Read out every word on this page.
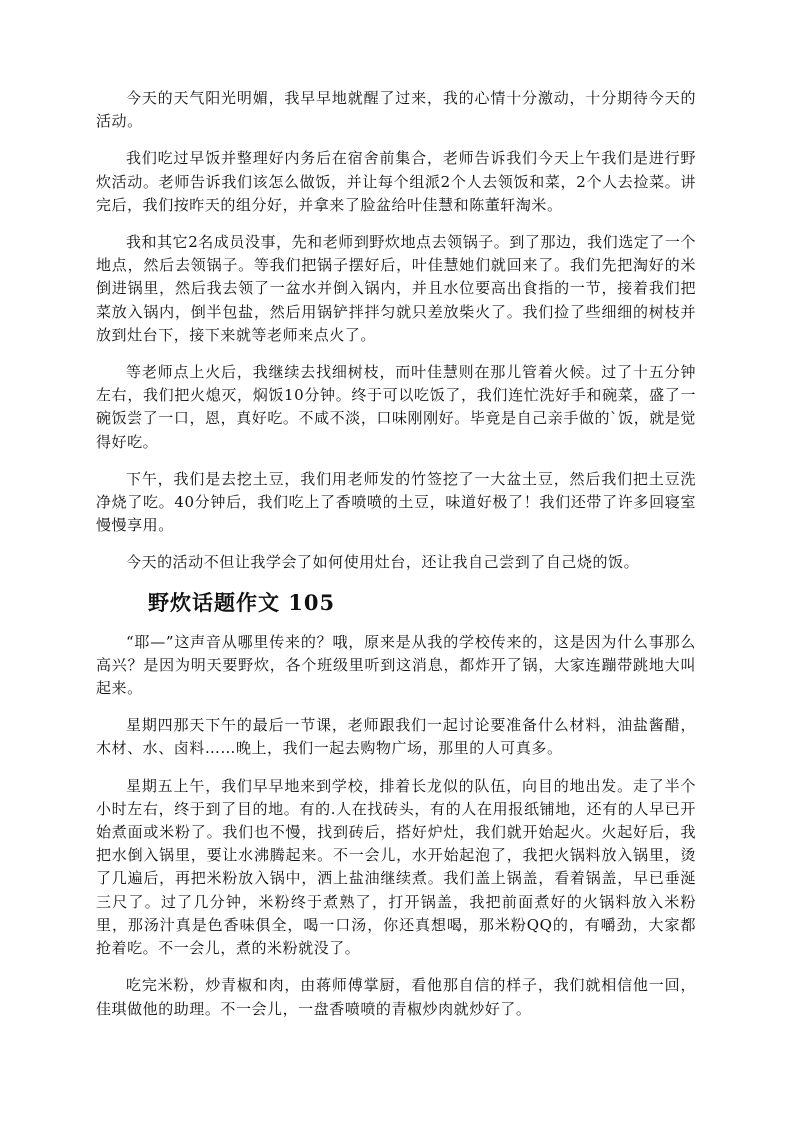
今天的天气阳光明媚，我早早地就醒了过来，我的心情十分激动，十分期待今天的活动。

我们吃过早饭并整理好内务后在宿舍前集合，老师告诉我们今天上午我们是进行野炊活动。老师告诉我们该怎么做饭，并让每个组派2个人去领饭和菜，2个人去捡菜。讲完后，我们按昨天的组分好，并拿来了脸盆给叶佳慧和陈董轩淘米。

我和其它2名成员没事，先和老师到野炊地点去领锅子。到了那边，我们选定了一个地点，然后去领锅子。等我们把锅子摆好后，叶佳慧她们就回来了。我们先把淘好的米倒进锅里，然后我去领了一盆水并倒入锅内，并且水位要高出食指的一节，接着我们把菜放入锅内，倒半包盐，然后用锅铲拌拌匀就只差放柴火了。我们捡了些细细的树枝并放到灶台下，接下来就等老师来点火了。

等老师点上火后，我继续去找细树枝，而叶佳慧则在那儿管着火候。过了十五分钟左右，我们把火熄灭，焖饭10分钟。终于可以吃饭了，我们连忙洗好手和碗菜，盛了一碗饭尝了一口，恩，真好吃。不咸不淡，口味刚刚好。毕竟是自己亲手做的`饭，就是觉得好吃。

下午，我们是去挖土豆，我们用老师发的竹签挖了一大盆土豆，然后我们把土豆洗净烧了吃。40分钟后，我们吃上了香喷喷的土豆，味道好极了！我们还带了许多回寝室慢慢享用。

今天的活动不但让我学会了如何使用灶台，还让我自己尝到了自己烧的饭。

野炊话题作文 105

“耶—”这声音从哪里传来的？哦，原来是从我的学校传来的，这是因为什么事那么高兴？是因为明天要野炊，各个班级里听到这消息，都炸开了锅，大家连蹦带跳地大叫起来。

星期四那天下午的最后一节课，老师跟我们一起讨论要准备什么材料，油盐酱醋，木材、水、卤料……晚上，我们一起去购物广场，那里的人可真多。

星期五上午，我们早早地来到学校，排着长龙似的队伍，向目的地出发。走了半个小时左右，终于到了目的地。有的.人在找砖头，有的人在用报纸铺地，还有的人早已开始煮面或米粉了。我们也不慢，找到砖后，搭好炉灶，我们就开始起火。火起好后，我把水倒入锅里，要让水沸腾起来。不一会儿，水开始起泡了，我把火锅料放入锅里，烫了几遍后，再把米粉放入锅中，洒上盐油继续煮。我们盖上锅盖，看着锅盖，早已垂涎三尺了。过了几分钟，米粉终于煮熟了，打开锅盖，我把前面煮好的火锅料放入米粉里，那汤汁真是色香味俱全，喝一口汤，你还真想喝，那米粉QQ的，有嚼劲，大家都抢着吃。不一会儿，煮的米粉就没了。

吃完米粉，炒青椒和肉，由蒋师傅掌厨，看他那自信的样子，我们就相信他一回，佳琪做他的助理。不一会儿，一盘香喷喷的青椒炒肉就炒好了。
